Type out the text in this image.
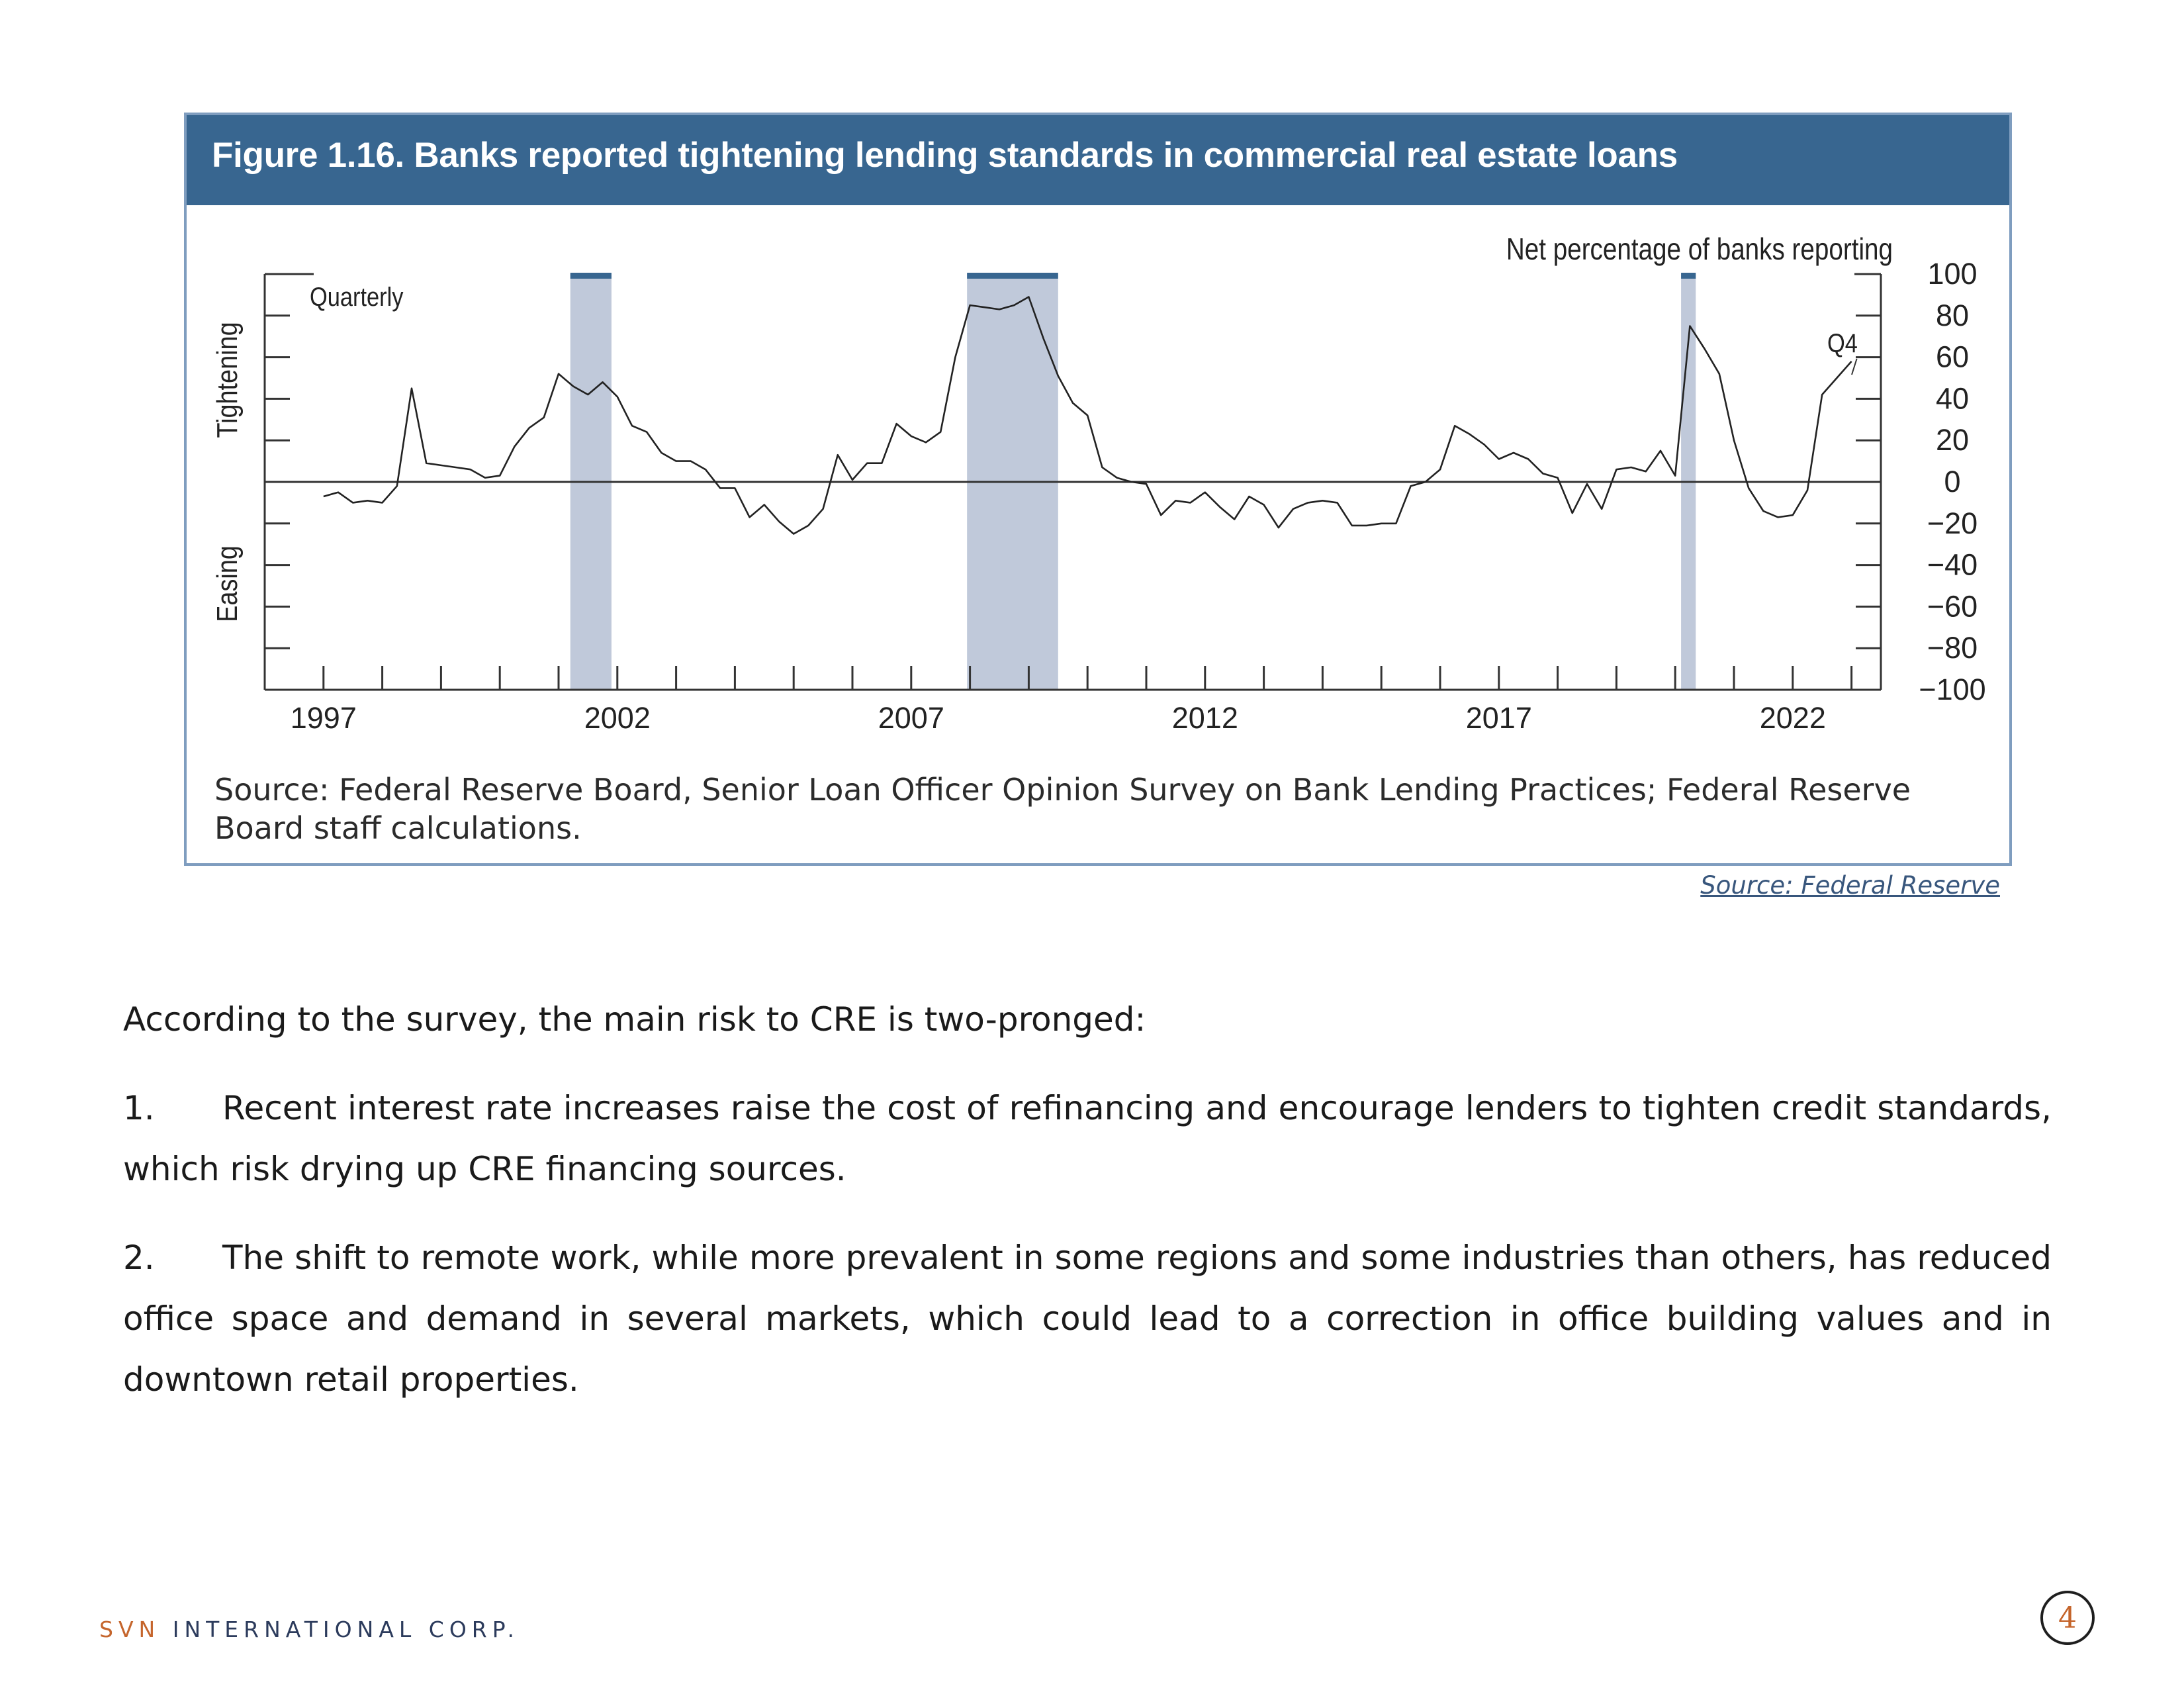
Figure 1.16. Banks reported tightening lending standards in commercial real estate loans
100
80
60
40
20
0
−20
−40
−60
−80
−100
1997	2002	2007	2012	2017	2022
Quarterly
Net percentage of banks reporting
Q4
Tightening
Easing
Source: Federal Reserve Board, Senior Loan Officer Opinion Survey on Bank Lending Practices; Federal Reserve Board staff calculations.
Source: Federal Reserve
According to the survey, the main risk to CRE is two-pronged:
1. Recent interest rate increases raise the cost of refinancing and encourage lenders to tighten credit standards, which risk drying up CRE financing sources.
2. The shift to remote work, while more prevalent in some regions and some industries than others, has reduced office space and demand in several markets, which could lead to a correction in office building values and in downtown retail properties.
SVN INTERNATIONAL CORP.	4
